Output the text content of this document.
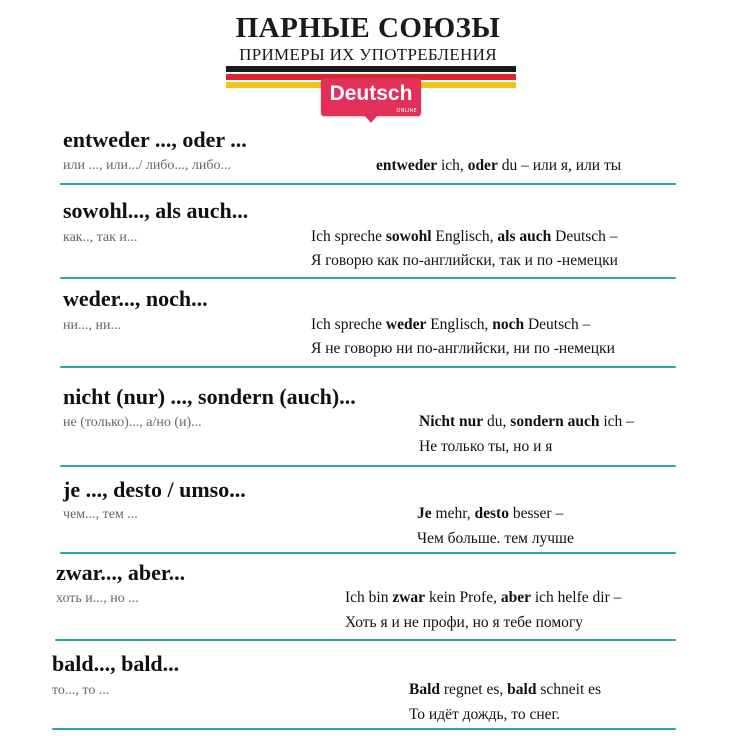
ПАРНЫЕ СОЮЗЫ
ПРИМЕРЫ ИХ УПОТРЕБЛЕНИЯ
Deutsch
ONLINE
entweder ..., oder ...
или ..., или.../ либо..., либо...	entweder ich, oder du – или я, или ты
sowohl..., als auch...
как.., так и...	Ich spreche sowohl Englisch, als auch Deutsch –
Я говорю как по-английски, так и по -немецки
weder..., noch...
ни..., ни...	Ich spreche weder Englisch, noch Deutsch –
Я не говорю ни по-английски, ни по -немецки
nicht (nur) ..., sondern (auch)...
не (только)..., а/но (и)...	Nicht nur du, sondern auch ich –
Не только ты, но и я
je ..., desto / umso...
чем..., тем ...	Je mehr, desto besser –
Чем больше. тем лучше
zwar..., aber...
хоть и..., но ...	Ich bin zwar kein Profe, aber ich helfe dir –
Хоть я и не профи, но я тебе помогу
bald..., bald...
то..., то ...	Bald regnet es, bald schneit es
То идёт дождь, то снег.
